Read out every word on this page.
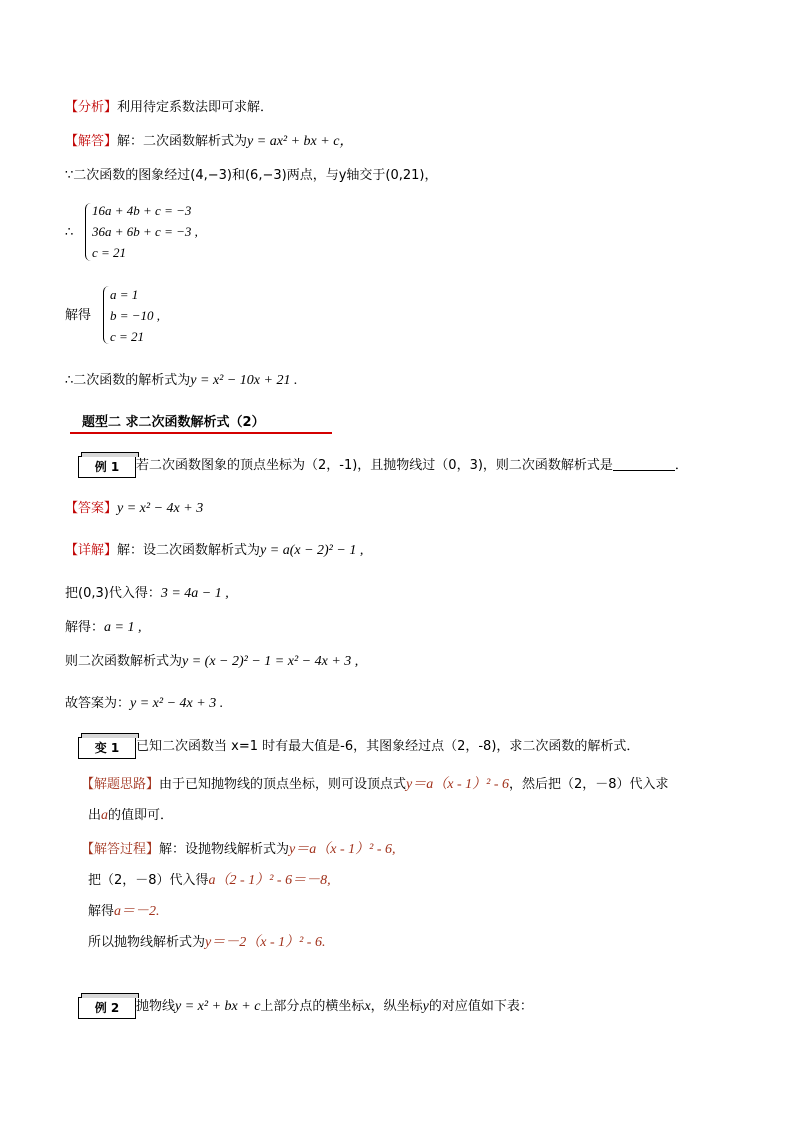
【分析】利用待定系数法即可求解．
【解答】解：二次函数解析式为y = ax² + bx + c，
∵二次函数的图象经过(4,−3)和(6,−3)两点，与y轴交于(0,21)，
∴
16a + 4b + c = −3
36a + 6b + c = −3 ,
c = 21
解得
a = 1
b = −10 ,
c = 21
∴二次函数的解析式为y = x² − 10x + 21 .
题型二 求二次函数解析式（2）
例 1	若二次函数图象的顶点坐标为（2，-1)，且抛物线过（0，3)，则二次函数解析式是	．
【答案】y = x² − 4x + 3
【详解】解：设二次函数解析式为y = a(x − 2)² − 1 ,
把(0,3)代入得：3 = 4a − 1 ,
解得：a = 1 ,
则二次函数解析式为y = (x − 2)² − 1 = x² − 4x + 3 ,
故答案为：y = x² − 4x + 3 .
变 1	已知二次函数当 x=1 时有最大值是-6，其图象经过点（2，-8)，求二次函数的解析式．
【解题思路】由于已知抛物线的顶点坐标，则可设顶点式y＝a（x - 1）² - 6，然后把（2，－8）代入求
出a的值即可．
【解答过程】解：设抛物线解析式为y＝a（x - 1）² - 6,
把（2，－8）代入得a（2 - 1）² - 6＝－8,
解得a＝－2.
所以抛物线解析式为y＝－2（x - 1）² - 6.
例 2	抛物线y = x² + bx + c上部分点的横坐标x，纵坐标y的对应值如下表：
